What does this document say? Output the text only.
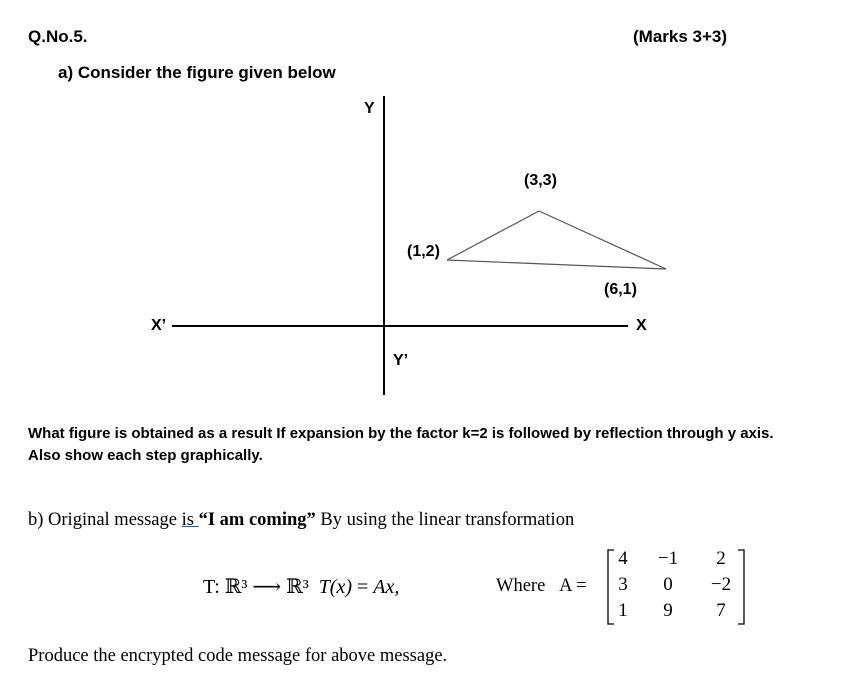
Q.No.5.	(Marks 3+3)
a) Consider the figure given below
Y
Y’
X
X’
(1,2)
(3,3)
(6,1)
What figure is obtained as a result If expansion by the factor k=2 is followed by reflection through y axis. Also show each step graphically.
b) Original message is “I am coming” By using the linear transformation
T: ℝ³ ⟶ ℝ³ T(x) = Ax,	Where A =
4	−1	2
3	0	−2
1	9	7
Produce the encrypted code message for above message.
